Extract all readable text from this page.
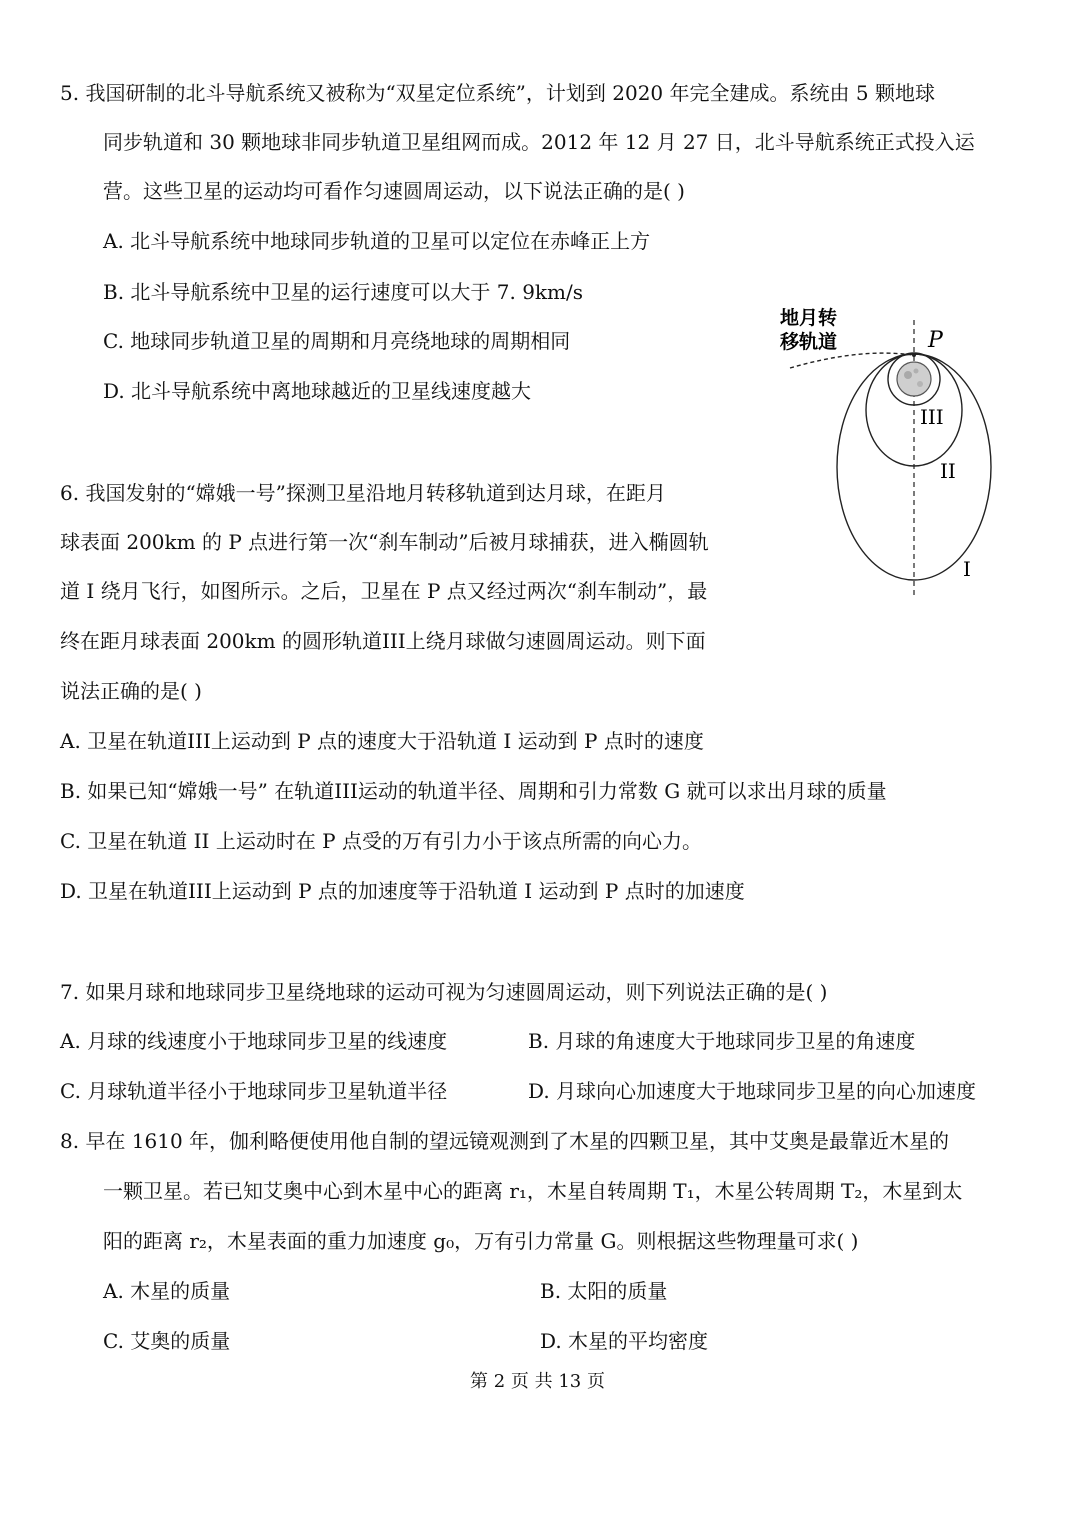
5. 我国研制的北斗导航系统又被称为“双星定位系统”，计划到 2020 年完全建成。系统由 5 颗地球
同步轨道和 30 颗地球非同步轨道卫星组网而成。2012 年 12 月 27 日，北斗导航系统正式投入运
营。这些卫星的运动均可看作匀速圆周运动，以下说法正确的是( )
A. 北斗导航系统中地球同步轨道的卫星可以定位在赤峰正上方
B. 北斗导航系统中卫星的运行速度可以大于 7. 9km/s
C. 地球同步轨道卫星的周期和月亮绕地球的周期相同
D. 北斗导航系统中离地球越近的卫星线速度越大
地月转
移轨道	P
III
II
I
6. 我国发射的“嫦娥一号”探测卫星沿地月转移轨道到达月球，在距月
球表面 200km 的 P 点进行第一次“刹车制动”后被月球捕获，进入椭圆轨
道 I 绕月飞行，如图所示。之后，卫星在 P 点又经过两次“刹车制动”，最
终在距月球表面 200km 的圆形轨道III上绕月球做匀速圆周运动。则下面
说法正确的是( )
A. 卫星在轨道III上运动到 P 点的速度大于沿轨道 I 运动到 P 点时的速度
B. 如果已知“嫦娥一号” 在轨道III运动的轨道半径、周期和引力常数 G 就可以求出月球的质量
C. 卫星在轨道 II 上运动时在 P 点受的万有引力小于该点所需的向心力。
D. 卫星在轨道III上运动到 P 点的加速度等于沿轨道 I 运动到 P 点时的加速度
7. 如果月球和地球同步卫星绕地球的运动可视为匀速圆周运动，则下列说法正确的是( )
A. 月球的线速度小于地球同步卫星的线速度	B. 月球的角速度大于地球同步卫星的角速度
C. 月球轨道半径小于地球同步卫星轨道半径	D. 月球向心加速度大于地球同步卫星的向心加速度
8. 早在 1610 年，伽利略便使用他自制的望远镜观测到了木星的四颗卫星，其中艾奥是最靠近木星的
一颗卫星。若已知艾奥中心到木星中心的距离 r₁，木星自转周期 T₁，木星公转周期 T₂，木星到太
阳的距离 r₂，木星表面的重力加速度 g₀，万有引力常量 G。则根据这些物理量可求( )
A. 木星的质量	B. 太阳的质量
C. 艾奥的质量	D. 木星的平均密度
第 2 页 共 13 页
